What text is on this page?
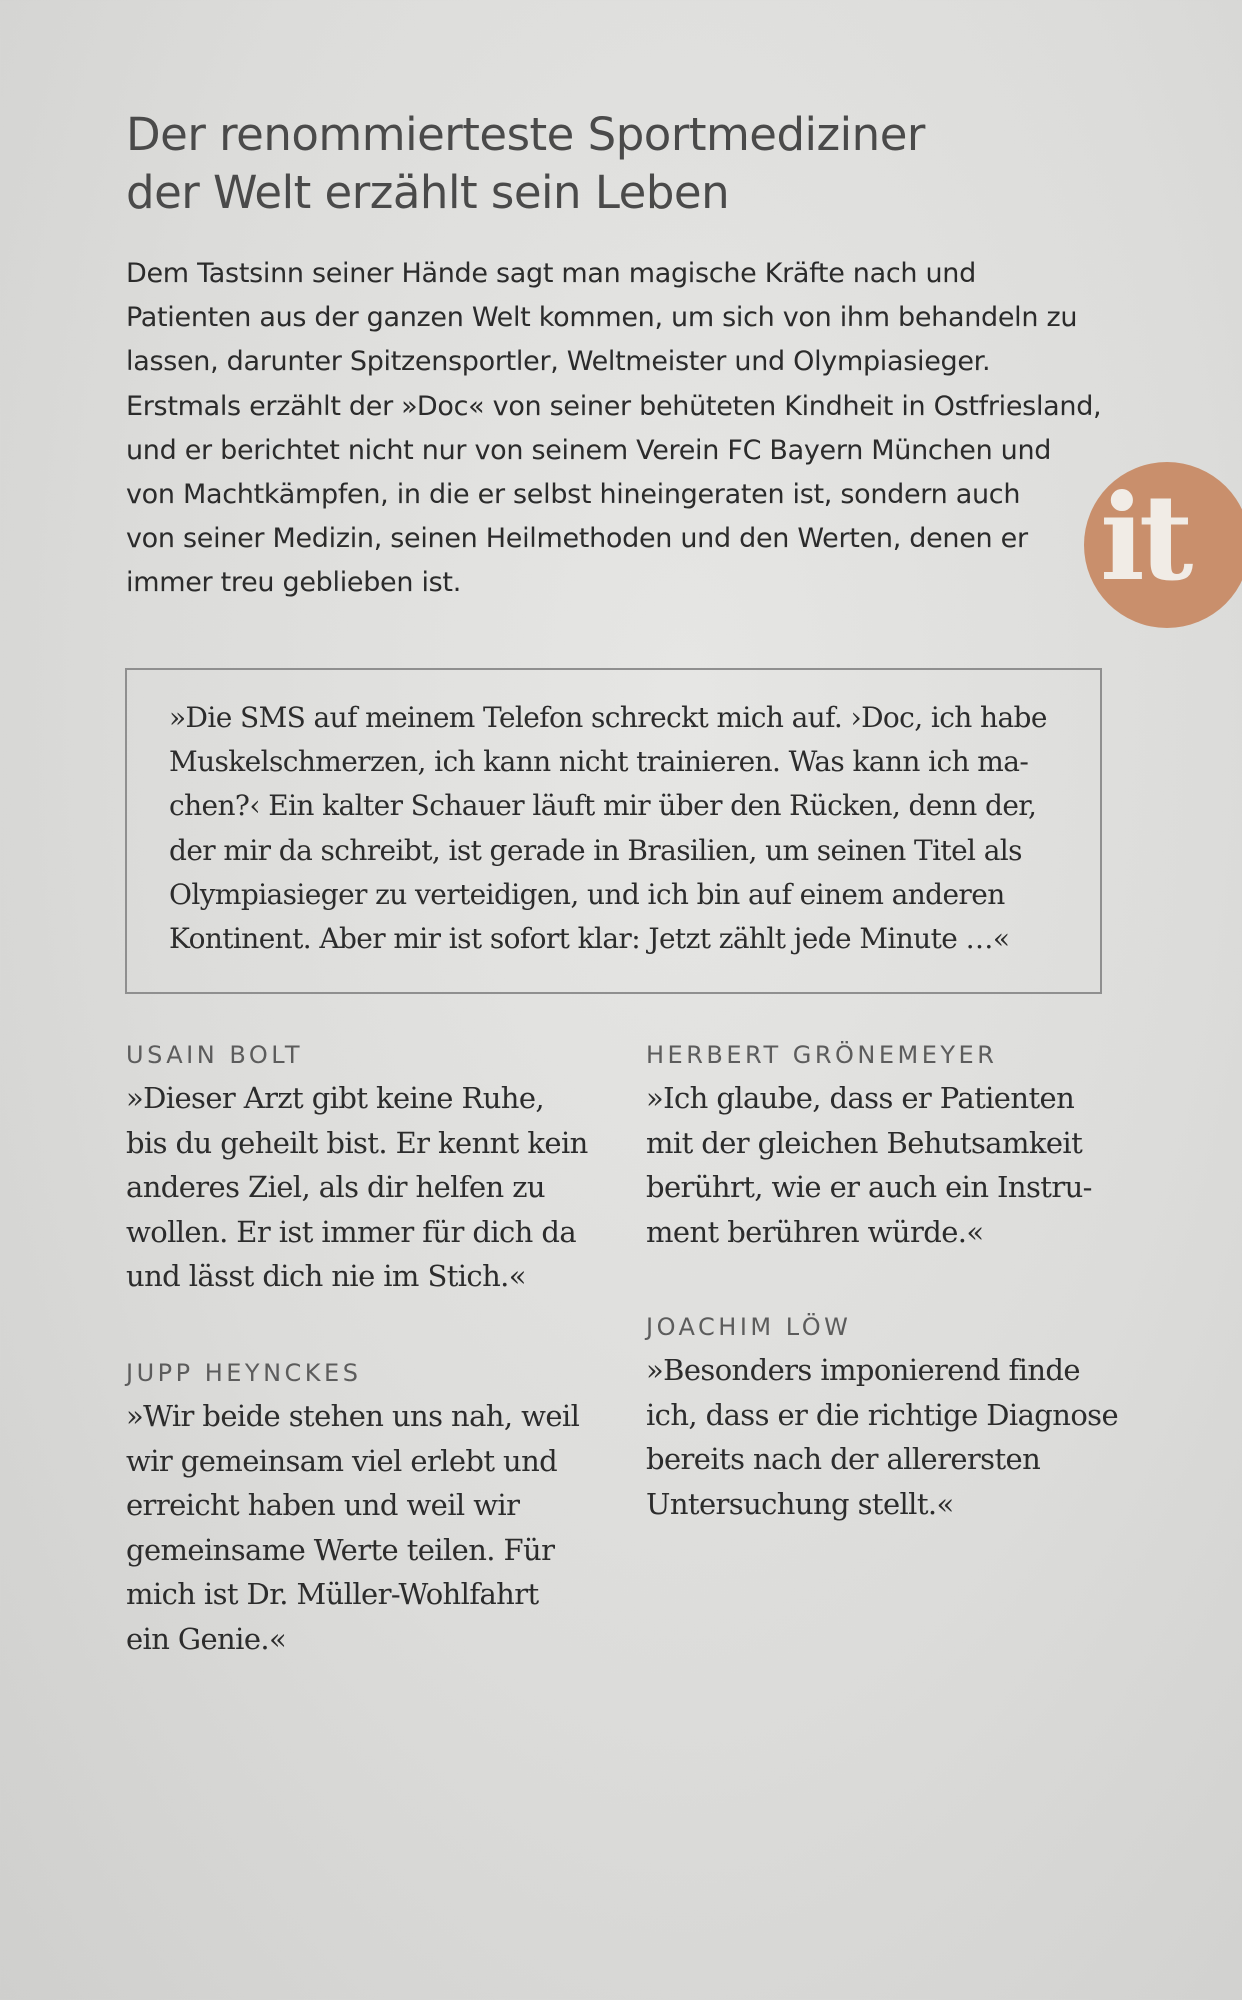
Der renommierteste Sportmediziner
der Welt erzählt sein Leben
Dem Tastsinn seiner Hände sagt man magische Kräfte nach und
Patienten aus der ganzen Welt kommen, um sich von ihm behandeln zu
lassen, darunter Spitzensportler, Weltmeister und Olympiasieger.
Erstmals erzählt der »Doc« von seiner behüteten Kindheit in Ostfriesland,
und er berichtet nicht nur von seinem Verein FC Bayern München und
von Machtkämpfen, in die er selbst hineingeraten ist, sondern auch
von seiner Medizin, seinen Heilmethoden und den Werten, denen er
immer treu geblieben ist.	it
»Die SMS auf meinem Telefon schreckt mich auf. ›Doc, ich habe
Muskelschmerzen, ich kann nicht trainieren. Was kann ich ma-
chen?‹ Ein kalter Schauer läuft mir über den Rücken, denn der,
der mir da schreibt, ist gerade in Brasilien, um seinen Titel als
Olympiasieger zu verteidigen, und ich bin auf einem anderen
Kontinent. Aber mir ist sofort klar: Jetzt zählt jede Minute …«
USAIN BOLT
»Dieser Arzt gibt keine Ruhe,
bis du geheilt bist. Er kennt kein
anderes Ziel, als dir helfen zu
wollen. Er ist immer für dich da
und lässt dich nie im Stich.«
HERBERT GRÖNEMEYER
»Ich glaube, dass er Patienten
mit der gleichen Behutsamkeit
berührt, wie er auch ein Instru-
ment berühren würde.«
JOACHIM LÖW
»Besonders imponierend finde
ich, dass er die richtige Diagnose
bereits nach der allerersten
Untersuchung stellt.«
JUPP HEYNCKES
»Wir beide stehen uns nah, weil
wir gemeinsam viel erlebt und
erreicht haben und weil wir
gemeinsame Werte teilen. Für
mich ist Dr. Müller-Wohlfahrt
ein Genie.«
